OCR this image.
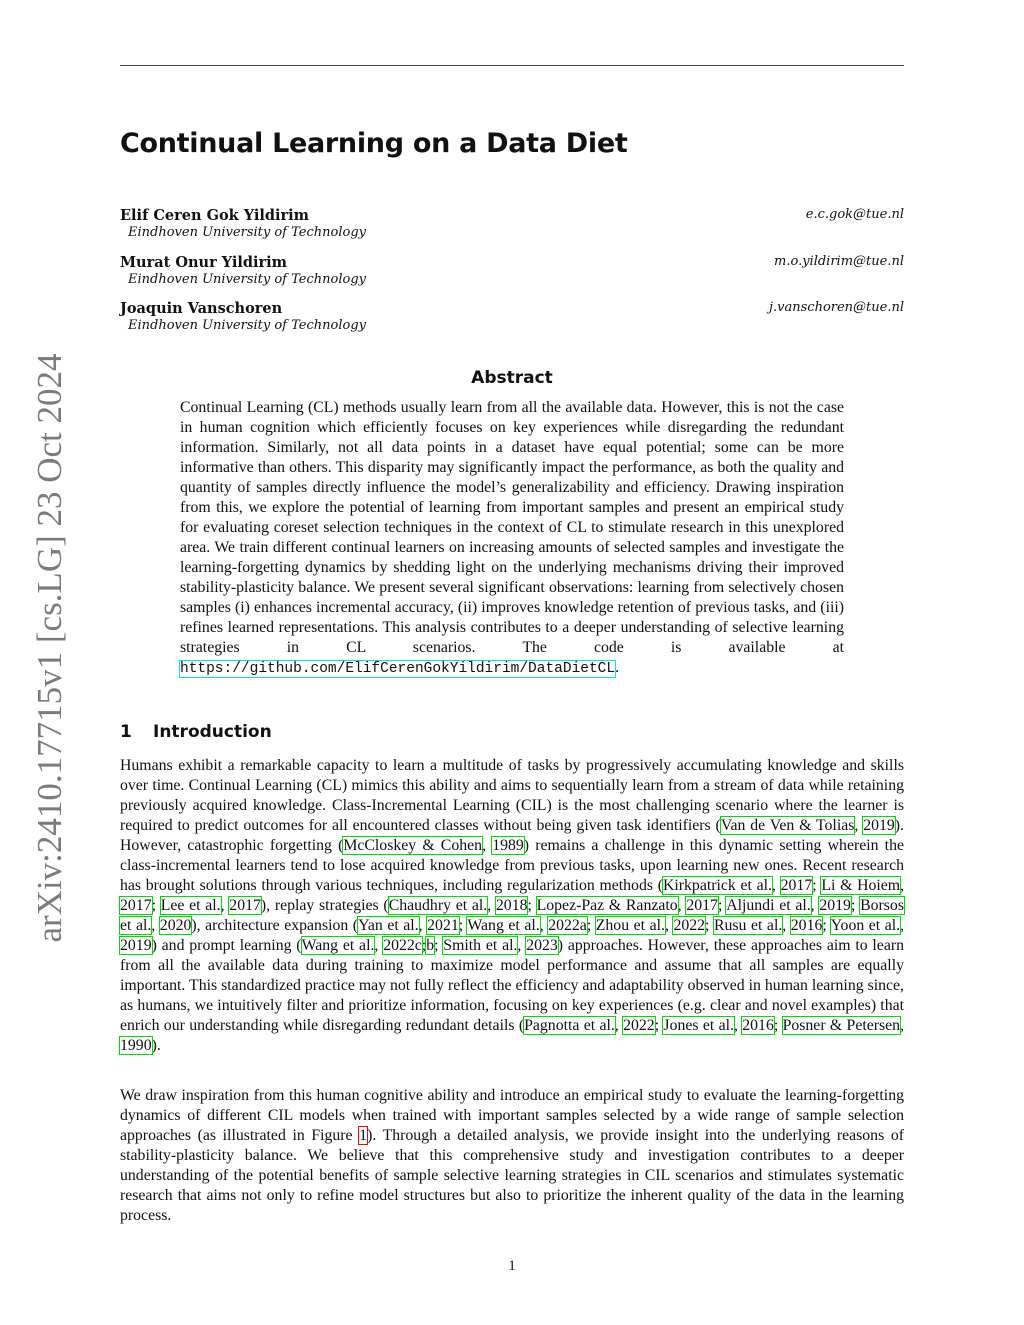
Continual Learning on a Data Diet
Elif Ceren Gok Yildirim	e.c.gok@tue.nl
Eindhoven University of Technology
Murat Onur Yildirim	m.o.yildirim@tue.nl
Eindhoven University of Technology
Joaquin Vanschoren	j.vanschoren@tue.nl
Eindhoven University of Technology
arXiv:2410.17715v1 [cs.LG] 23 Oct 2024	Abstract

Continual Learning (CL) methods usually learn from all the available data. However, this is not the case in human cognition which efficiently focuses on key experiences while disregarding the redundant information. Similarly, not all data points in a dataset have equal potential; some can be more informative than others. This disparity may significantly impact the performance, as both the quality and quantity of samples directly influence the model’s generalizability and efficiency. Drawing inspiration from this, we explore the potential of learning from important samples and present an empirical study for evaluating coreset selection techniques in the context of CL to stimulate research in this unexplored area. We train different continual learners on increasing amounts of selected samples and investigate the learning-forgetting dynamics by shedding light on the underlying mechanisms driving their improved stability-plasticity balance. We present several significant observations: learning from selectively chosen samples (i) enhances incremental accuracy, (ii) improves knowledge retention of previous tasks, and (iii) refines learned representations. This analysis contributes to a deeper understanding of selective learning strategies in CL scenarios. The code is available at https://github.com/ElifCerenGokYildirim/DataDietCL.

1 Introduction

Humans exhibit a remarkable capacity to learn a multitude of tasks by progressively accumulating knowledge and skills over time. Continual Learning (CL) mimics this ability and aims to sequentially learn from a stream of data while retaining previously acquired knowledge. Class-Incremental Learning (CIL) is the most challenging scenario where the learner is required to predict outcomes for all encountered classes without being given task identifiers (Van de Ven & Tolias, 2019). However, catastrophic forgetting (McCloskey & Cohen, 1989) remains a challenge in this dynamic setting wherein the class-incremental learners tend to lose acquired knowledge from previous tasks, upon learning new ones. Recent research has brought solutions through various techniques, including regularization methods (Kirkpatrick et al., 2017; Li & Hoiem, 2017; Lee et al., 2017), replay strategies (Chaudhry et al., 2018; Lopez-Paz & Ranzato, 2017; Aljundi et al., 2019; Borsos et al., 2020), architecture expansion (Yan et al., 2021; Wang et al., 2022a; Zhou et al., 2022; Rusu et al., 2016; Yoon et al., 2019) and prompt learning (Wang et al., 2022c;b; Smith et al., 2023) approaches. However, these approaches aim to learn from all the available data during training to maximize model performance and assume that all samples are equally important. This standardized practice may not fully reflect the efficiency and adaptability observed in human learning since, as humans, we intuitively filter and prioritize information, focusing on key experiences (e.g. clear and novel examples) that enrich our understanding while disregarding redundant details (Pagnotta et al., 2022; Jones et al., 2016; Posner & Petersen, 1990).

We draw inspiration from this human cognitive ability and introduce an empirical study to evaluate the learning-forgetting dynamics of different CIL models when trained with important samples selected by a wide range of sample selection approaches (as illustrated in Figure 1). Through a detailed analysis, we provide insight into the underlying reasons of stability-plasticity balance. We believe that this comprehensive study and investigation contributes to a deeper understanding of the potential benefits of sample selective learning strategies in CIL scenarios and stimulates systematic research that aims not only to refine model structures but also to prioritize the inherent quality of the data in the learning process.

1
